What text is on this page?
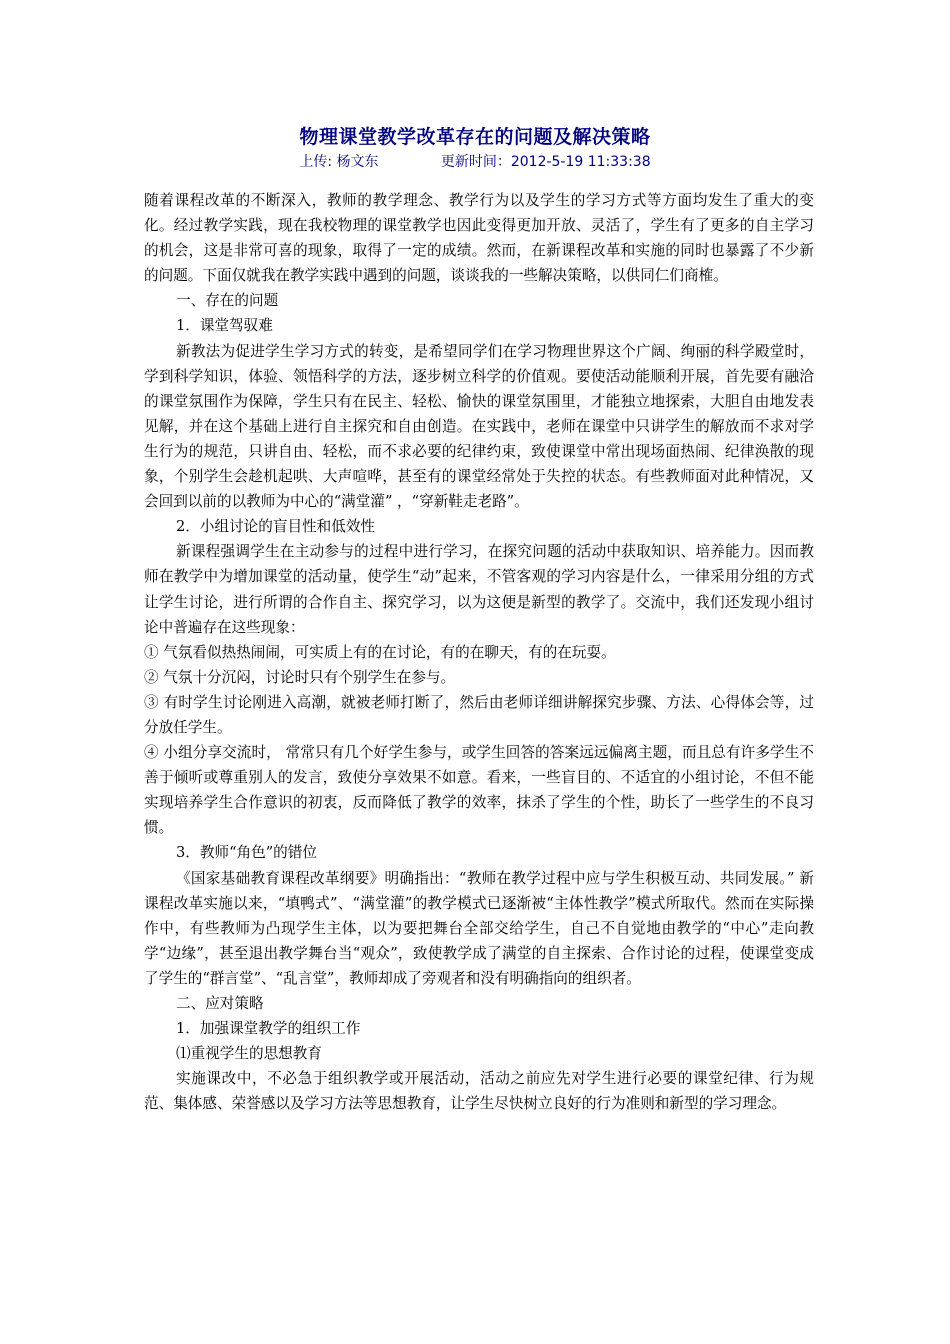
物理课堂教学改革存在的问题及解决策略
上传: 杨文东	更新时间：2012-5-19 11:33:38

随着课程改革的不断深入，教师的教学理念、教学行为以及学生的学习方式等方面均发生了重大的变化。经过教学实践，现在我校物理的课堂教学也因此变得更加开放、灵活了，学生有了更多的自主学习的机会，这是非常可喜的现象，取得了一定的成绩。然而，在新课程改革和实施的同时也暴露了不少新的问题。下面仅就我在教学实践中遇到的问题，谈谈我的一些解决策略，以供同仁们商榷。

一、存在的问题

1．课堂驾驭难

新教法为促进学生学习方式的转变，是希望同学们在学习物理世界这个广阔、绚丽的科学殿堂时，学到科学知识，体验、领悟科学的方法，逐步树立科学的价值观。要使活动能顺利开展，首先要有融洽的课堂氛围作为保障，学生只有在民主、轻松、愉快的课堂氛围里，才能独立地探索，大胆自由地发表见解，并在这个基础上进行自主探究和自由创造。在实践中，老师在课堂中只讲学生的解放而不求对学生行为的规范，只讲自由、轻松，而不求必要的纪律约束，致使课堂中常出现场面热闹、纪律涣散的现象，个别学生会趁机起哄、大声喧哗，甚至有的课堂经常处于失控的状态。有些教师面对此种情况，又会回到以前的以教师为中心的“满堂灌” ，“穿新鞋走老路”。

2．小组讨论的盲目性和低效性

新课程强调学生在主动参与的过程中进行学习，在探究问题的活动中获取知识、培养能力。因而教师在教学中为增加课堂的活动量，使学生“动”起来，不管客观的学习内容是什么，一律采用分组的方式让学生讨论，进行所谓的合作自主、探究学习，以为这便是新型的教学了。交流中，我们还发现小组讨论中普遍存在这些现象：

① 气氛看似热热闹闹，可实质上有的在讨论，有的在聊天，有的在玩耍。

② 气氛十分沉闷，讨论时只有个别学生在参与。

③ 有时学生讨论刚进入高潮，就被老师打断了，然后由老师详细讲解探究步骤、方法、心得体会等，过分放任学生。

④ 小组分享交流时， 常常只有几个好学生参与，或学生回答的答案远远偏离主题，而且总有许多学生不善于倾听或尊重别人的发言，致使分享效果不如意。看来，一些盲目的、不适宜的小组讨论，不但不能实现培养学生合作意识的初衷，反而降低了教学的效率，抹杀了学生的个性，助长了一些学生的不良习惯。

3．教师“角色”的错位

《国家基础教育课程改革纲要》明确指出：“教师在教学过程中应与学生积极互动、共同发展。” 新课程改革实施以来，“填鸭式”、“满堂灌”的教学模式已逐渐被“主体性教学”模式所取代。然而在实际操作中，有些教师为凸现学生主体，以为要把舞台全部交给学生，自己不自觉地由教学的“中心”走向教学“边缘”，甚至退出教学舞台当“观众”，致使教学成了满堂的自主探索、合作讨论的过程，使课堂变成了学生的“群言堂”、“乱言堂”，教师却成了旁观者和没有明确指向的组织者。

二、应对策略

1．加强课堂教学的组织工作

⑴重视学生的思想教育

实施课改中，不必急于组织教学或开展活动，活动之前应先对学生进行必要的课堂纪律、行为规范、集体感、荣誉感以及学习方法等思想教育，让学生尽快树立良好的行为准则和新型的学习理念。
